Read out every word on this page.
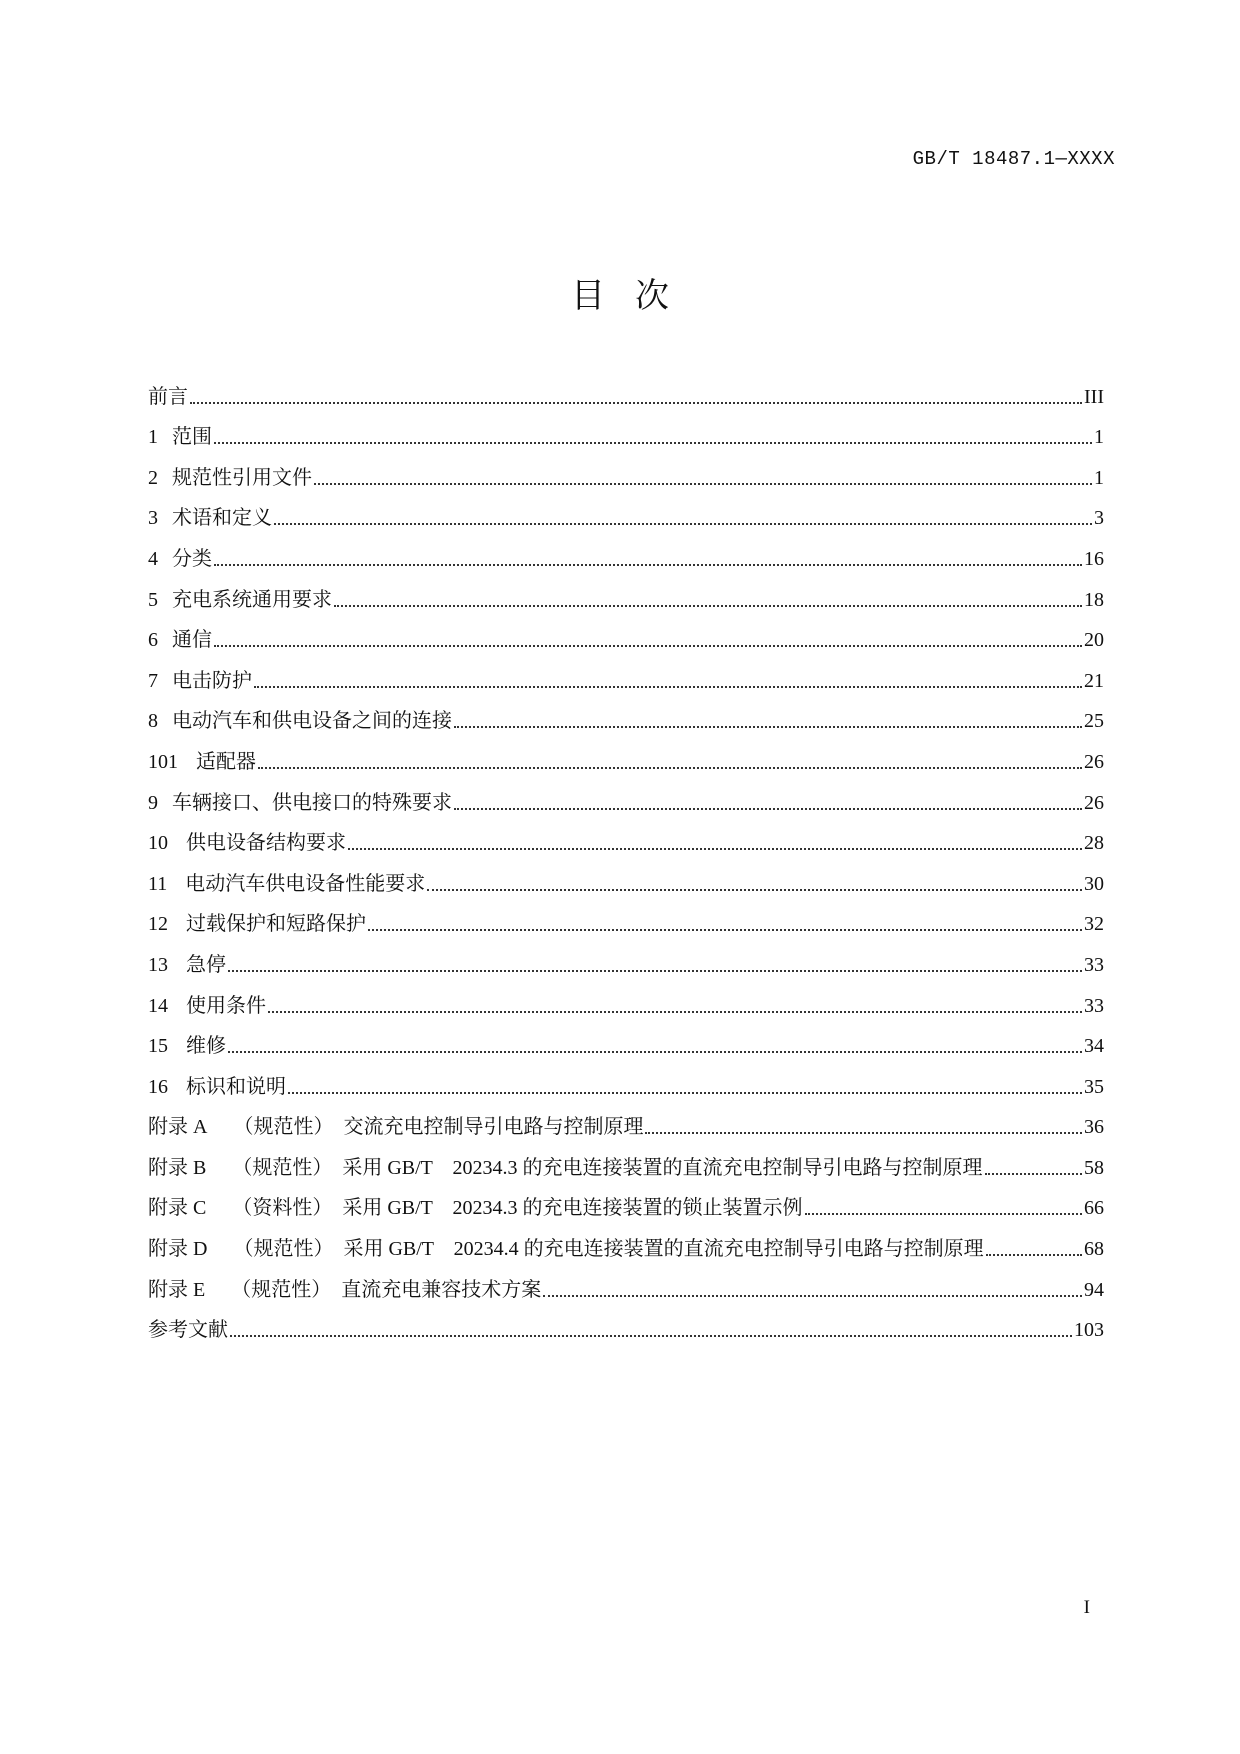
GB/T 18487.1—XXXX
目次
前言	III
1 范围	1
2 规范性引用文件	1
3 术语和定义	3
4 分类	16
5 充电系统通用要求	18
6 通信	20
7 电击防护	21
8 电动汽车和供电设备之间的连接	25
101 适配器	26
9 车辆接口、供电接口的特殊要求	26
10 供电设备结构要求	28
11 电动汽车供电设备性能要求	30
12 过载保护和短路保护	32
13 急停	33
14 使用条件	33
15 维修	34
16 标识和说明	35
附录 A （规范性）　交流充电控制导引电路与控制原理	36
附录 B （规范性）　采用 GB/T　20234.3 的充电连接装置的直流充电控制导引电路与控制原理	58
附录 C （资料性）　采用 GB/T　20234.3 的充电连接装置的锁止装置示例	66
附录 D （规范性）　采用 GB/T　20234.4 的充电连接装置的直流充电控制导引电路与控制原理	68
附录 E （规范性）　直流充电兼容技术方案	94
参考文献	103
I
